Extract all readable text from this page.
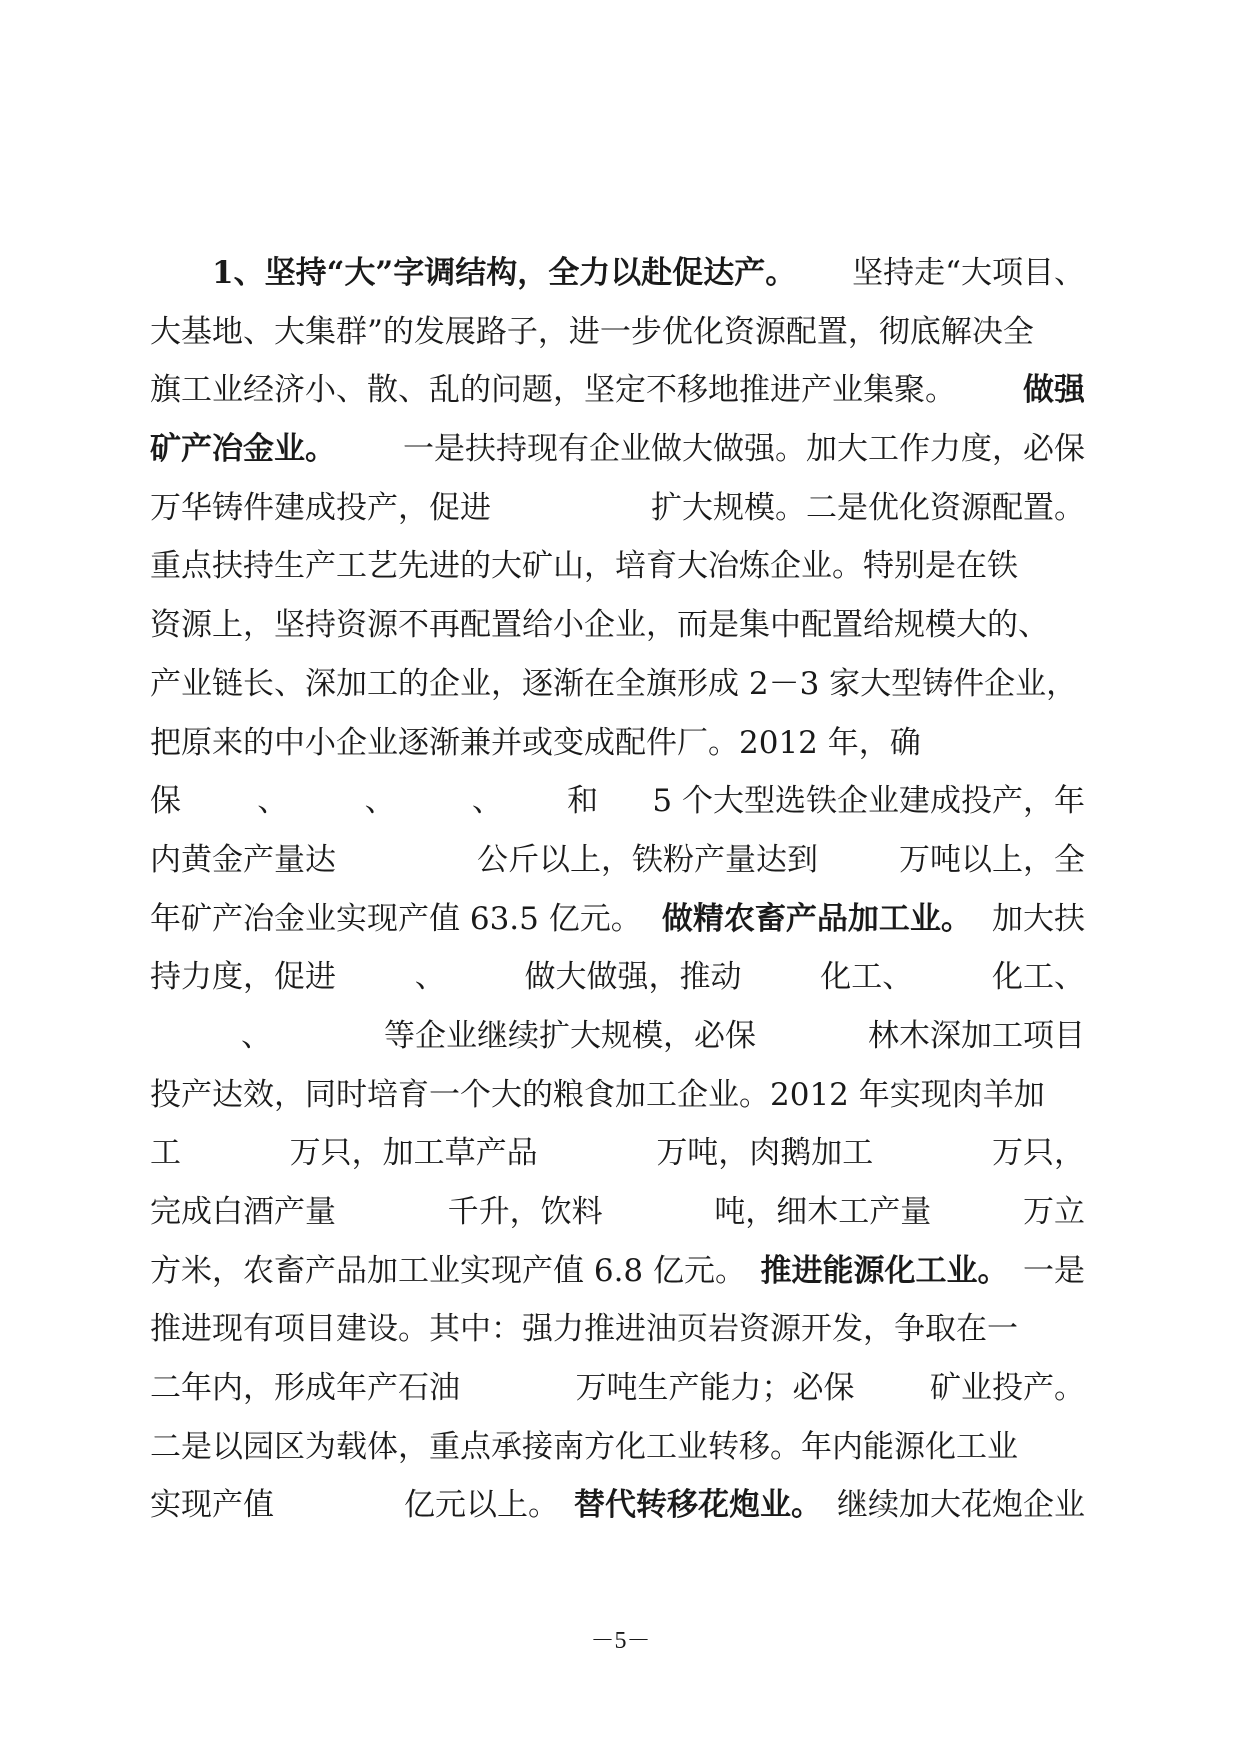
1、坚持“大”字调结构，全力以赴促达产。 坚持走“大项目、
大基地、大集群”的发展路子，进一步优化资源配置，彻底解决全
旗工业经济小、散、乱的问题，坚定不移地推进产业集聚。 做强
矿产冶金业。 一是扶持现有企业做大做强。加大工作力度，必保
万华铸件建成投产，促进	扩大规模。二是优化资源配置。
重点扶持生产工艺先进的大矿山，培育大冶炼企业。特别是在铁
资源上，坚持资源不再配置给小企业，而是集中配置给规模大的、
产业链长、深加工的企业，逐渐在全旗形成 2－3 家大型铸件企业，
把原来的中小企业逐渐兼并或变成配件厂。2012 年，确
保 、 、 、 和 5 个大型选铁企业建成投产，年
内黄金产量达	公斤以上，铁粉产量达到	万吨以上，全
年矿产冶金业实现产值 63.5 亿元。 做精农畜产品加工业。 加大扶
持力度，促进	、	做大做强，推动	化工、	化工、
、	等企业继续扩大规模，必保	林木深加工项目
投产达效，同时培育一个大的粮食加工企业。2012 年实现肉羊加
工	万只，加工草产品	万吨，肉鹅加工	万只，
完成白酒产量	千升，饮料	吨，细木工产量	万立
方米，农畜产品加工业实现产值 6.8 亿元。 推进能源化工业。 一是
推进现有项目建设。其中：强力推进油页岩资源开发，争取在一
二年内，形成年产石油	万吨生产能力；必保 矿业投产。
二是以园区为载体，重点承接南方化工业转移。年内能源化工业
实现产值	亿元以上。 替代转移花炮业。 继续加大花炮企业
－5－
